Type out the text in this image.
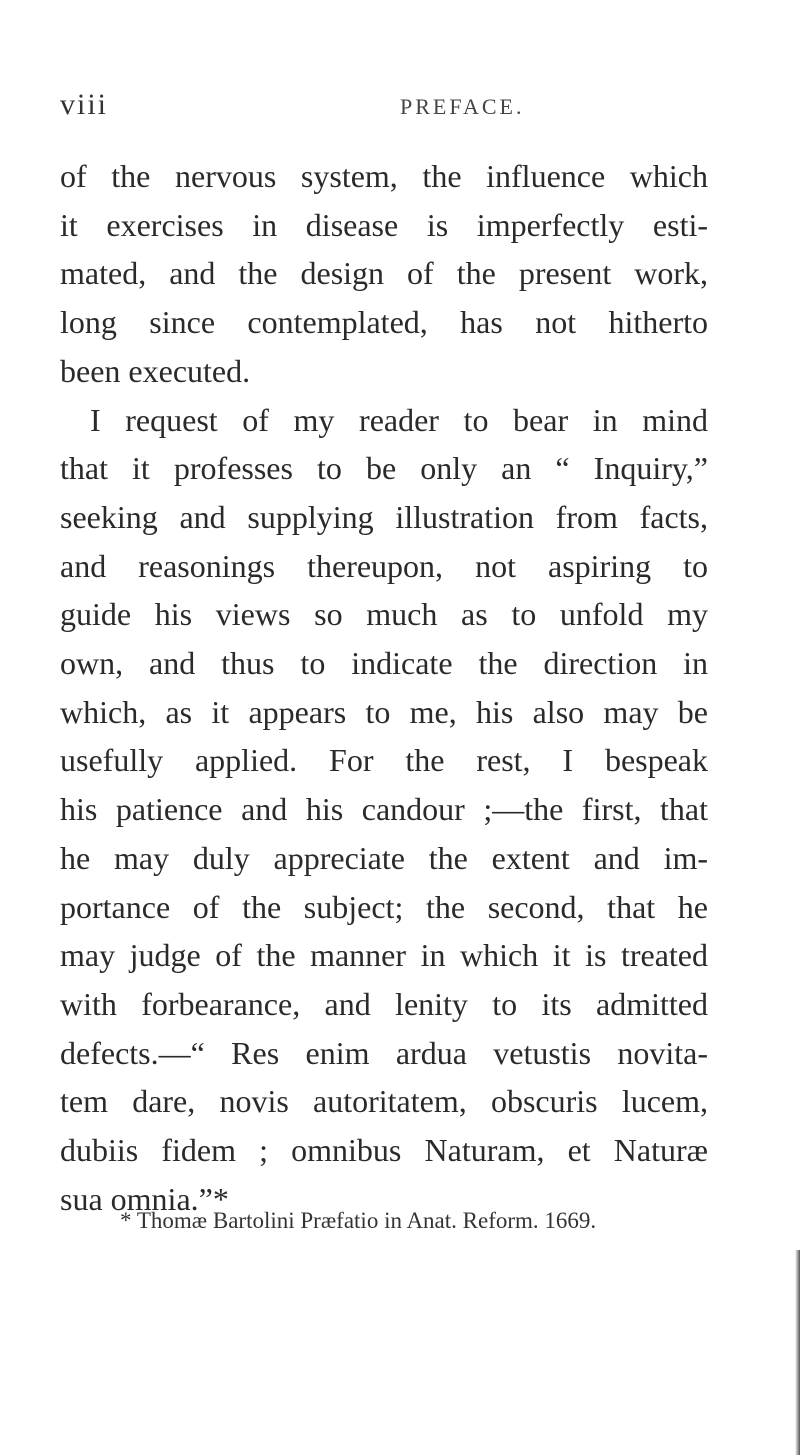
viii	PREFACE.
of the nervous system, the influence which
it exercises in disease is imperfectly esti-
mated, and the design of the present work,
long since contemplated, has not hitherto
been executed.
I request of my reader to bear in mind
that it professes to be only an “ Inquiry,”
seeking and supplying illustration from facts,
and reasonings thereupon, not aspiring to
guide his views so much as to unfold my
own, and thus to indicate the direction in
which, as it appears to me, his also may be
usefully applied. For the rest, I bespeak
his patience and his candour ;—the first, that
he may duly appreciate the extent and im-
portance of the subject; the second, that he
may judge of the manner in which it is treated
with forbearance, and lenity to its admitted
defects.—“ Res enim ardua vetustis novita-
tem dare, novis autoritatem, obscuris lucem,
dubiis fidem ; omnibus Naturam, et Naturæ
sua omnia.”*
* Thomæ Bartolini Præfatio in Anat. Reform. 1669.
